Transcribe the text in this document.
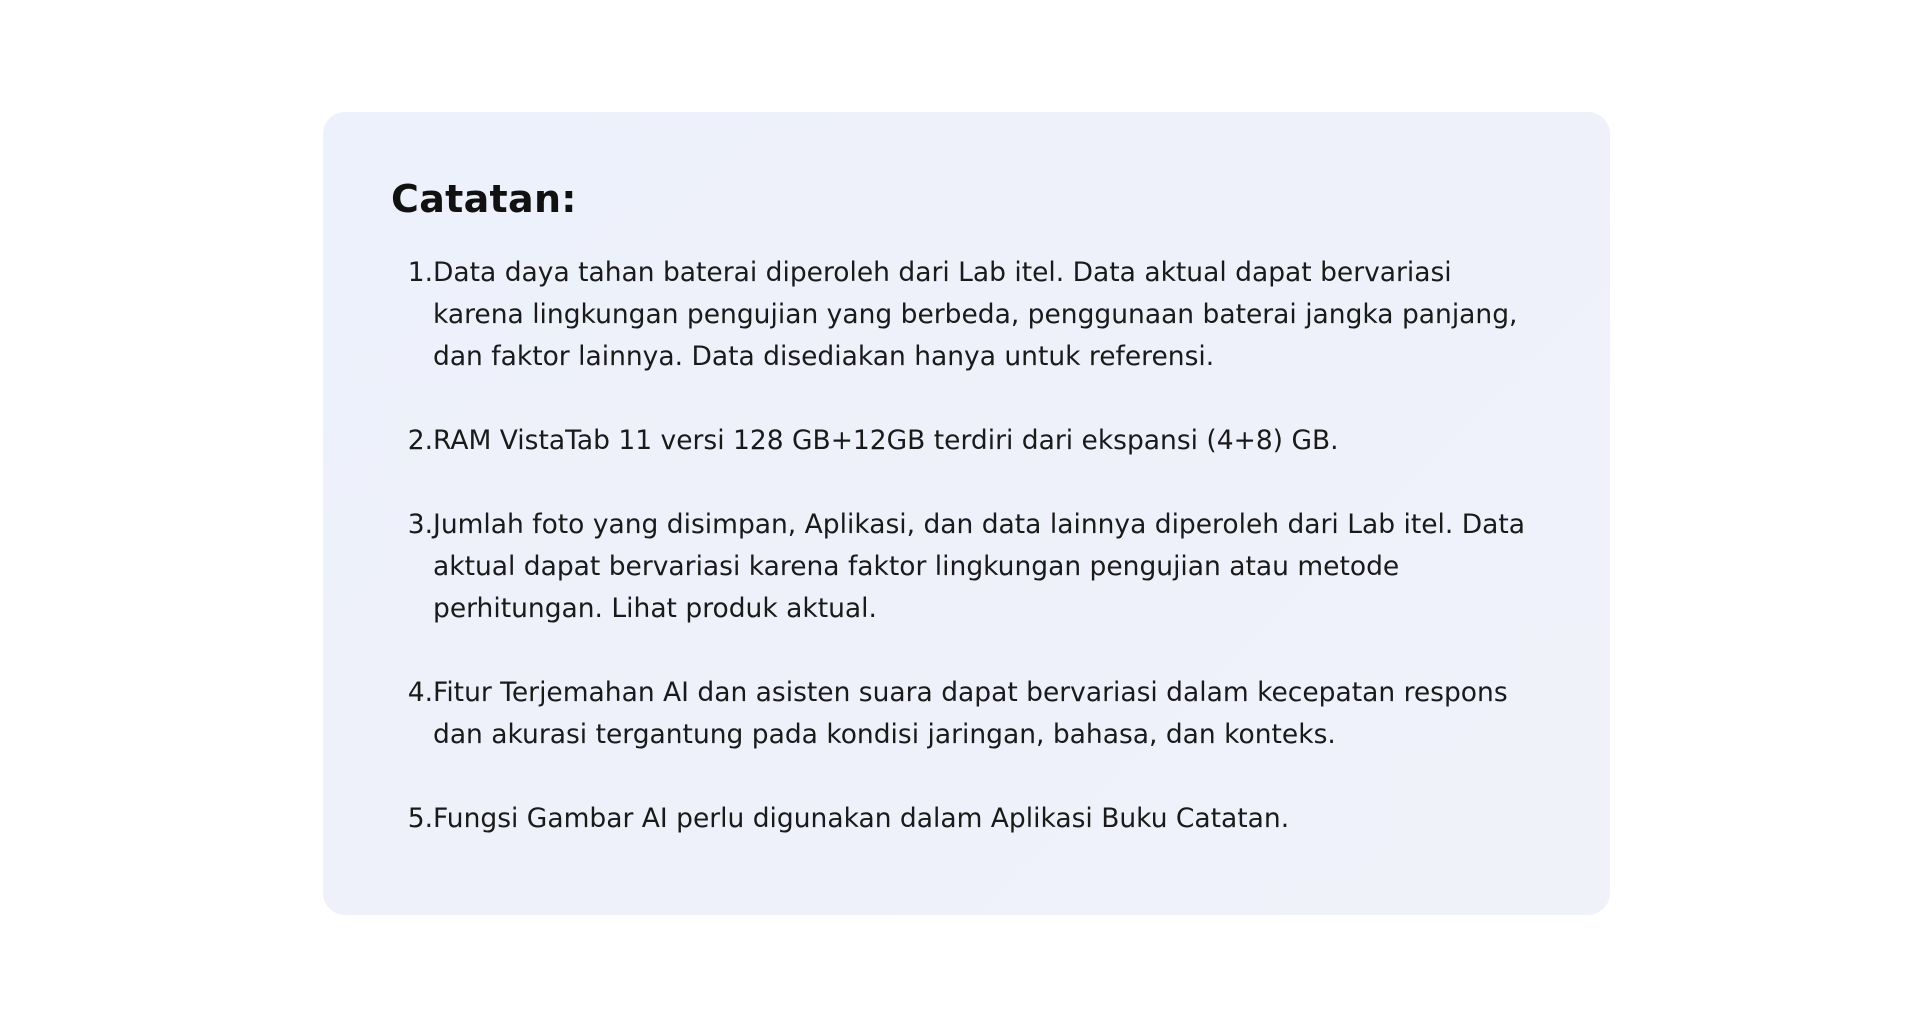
Catatan:
1. Data daya tahan baterai diperoleh dari Lab itel. Data aktual dapat bervariasi
karena lingkungan pengujian yang berbeda, penggunaan baterai jangka panjang,
dan faktor lainnya. Data disediakan hanya untuk referensi.
2. RAM VistaTab 11 versi 128 GB+12GB terdiri dari ekspansi (4+8) GB.
3. Jumlah foto yang disimpan, Aplikasi, dan data lainnya diperoleh dari Lab itel. Data
aktual dapat bervariasi karena faktor lingkungan pengujian atau metode
perhitungan. Lihat produk aktual.
4. Fitur Terjemahan AI dan asisten suara dapat bervariasi dalam kecepatan respons
dan akurasi tergantung pada kondisi jaringan, bahasa, dan konteks.
5. Fungsi Gambar AI perlu digunakan dalam Aplikasi Buku Catatan.
